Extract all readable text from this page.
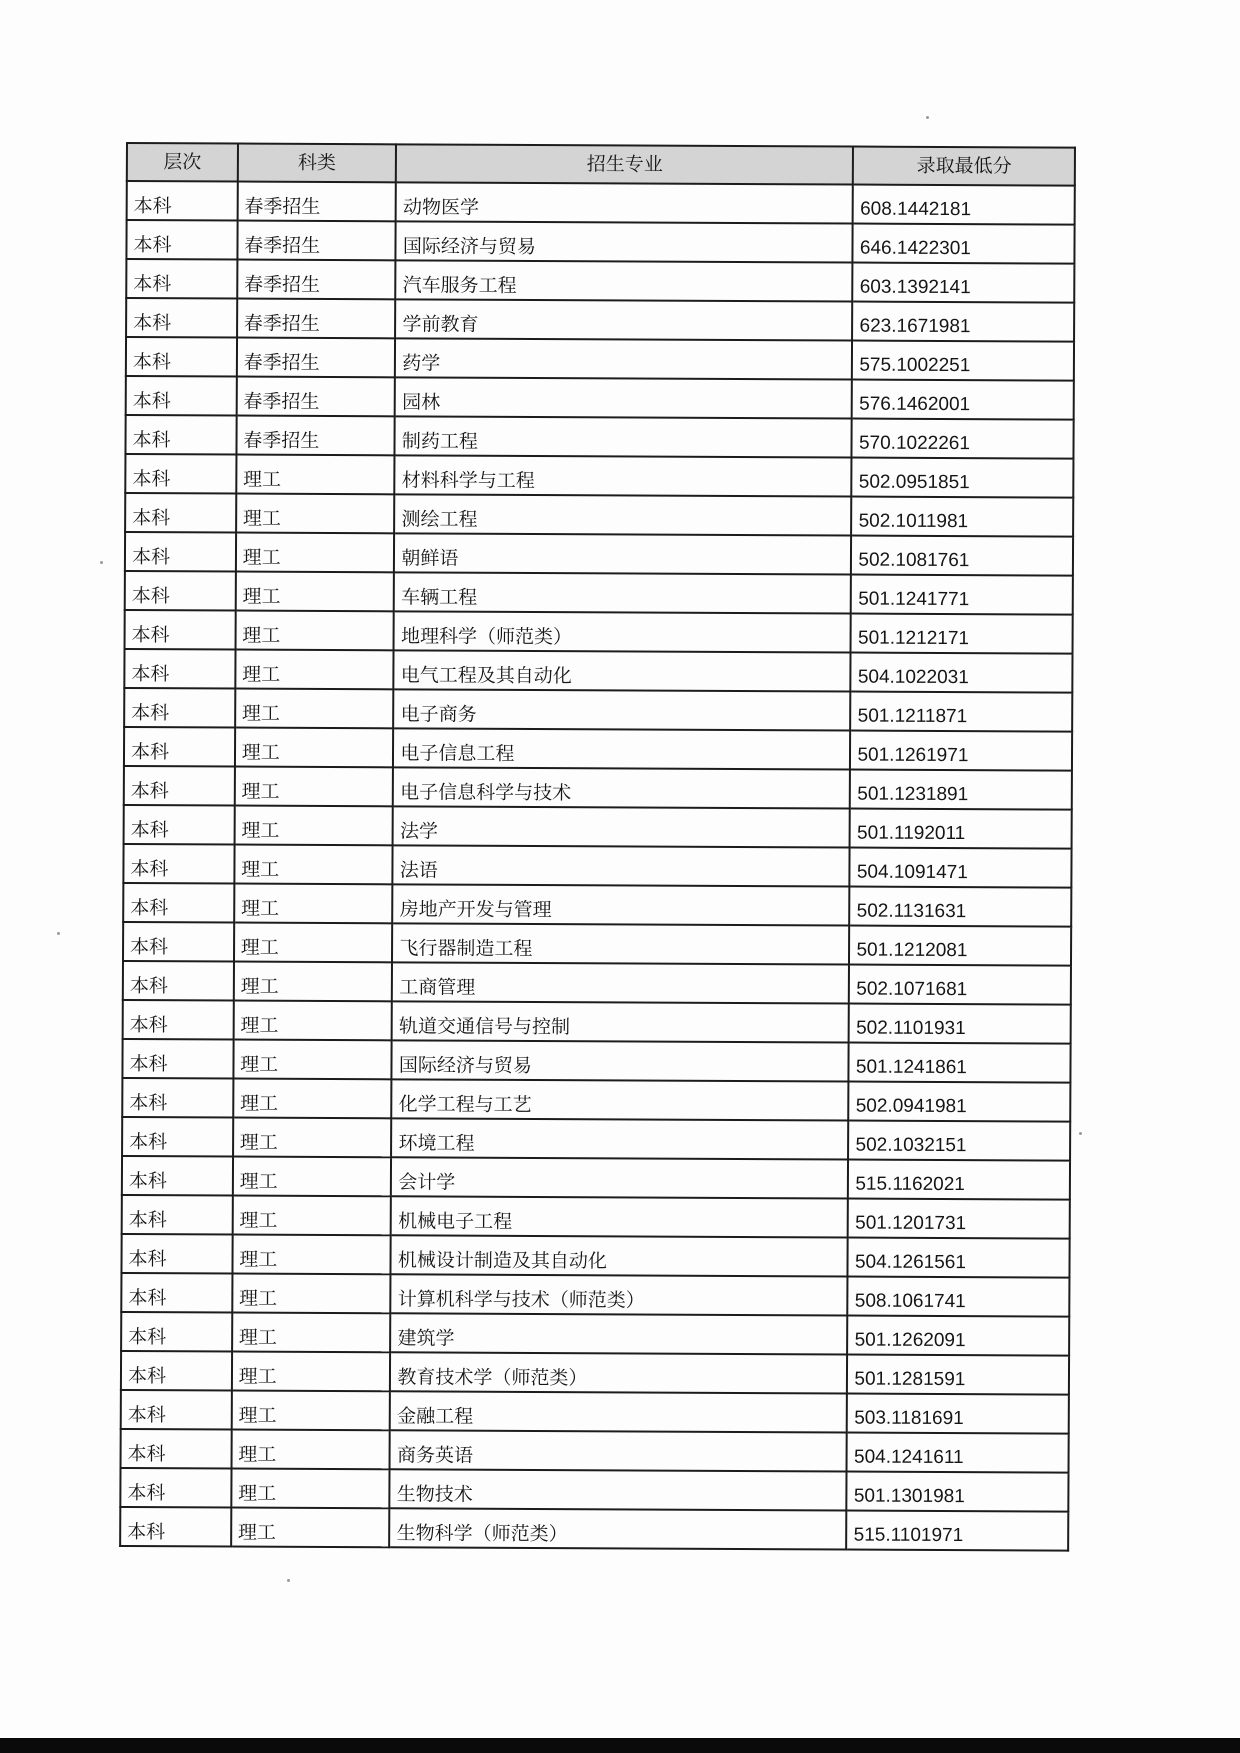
层次	科类	招生专业	录取最低分
本科	春季招生	动物医学	608.1442181
本科	春季招生	国际经济与贸易	646.1422301
本科	春季招生	汽车服务工程	603.1392141
本科	春季招生	学前教育	623.1671981
本科	春季招生	药学	575.1002251
本科	春季招生	园林	576.1462001
本科	春季招生	制药工程	570.1022261
本科	理工	材料科学与工程	502.0951851
本科	理工	测绘工程	502.1011981
本科	理工	朝鲜语	502.1081761
本科	理工	车辆工程	501.1241771
本科	理工	地理科学（师范类）	501.1212171
本科	理工	电气工程及其自动化	504.1022031
本科	理工	电子商务	501.1211871
本科	理工	电子信息工程	501.1261971
本科	理工	电子信息科学与技术	501.1231891
本科	理工	法学	501.1192011
本科	理工	法语	504.1091471
本科	理工	房地产开发与管理	502.1131631
本科	理工	飞行器制造工程	501.1212081
本科	理工	工商管理	502.1071681
本科	理工	轨道交通信号与控制	502.1101931
本科	理工	国际经济与贸易	501.1241861
本科	理工	化学工程与工艺	502.0941981
本科	理工	环境工程	502.1032151
本科	理工	会计学	515.1162021
本科	理工	机械电子工程	501.1201731
本科	理工	机械设计制造及其自动化	504.1261561
本科	理工	计算机科学与技术（师范类）	508.1061741
本科	理工	建筑学	501.1262091
本科	理工	教育技术学（师范类）	501.1281591
本科	理工	金融工程	503.1181691
本科	理工	商务英语	504.1241611
本科	理工	生物技术	501.1301981
本科	理工	生物科学（师范类）	515.1101971
